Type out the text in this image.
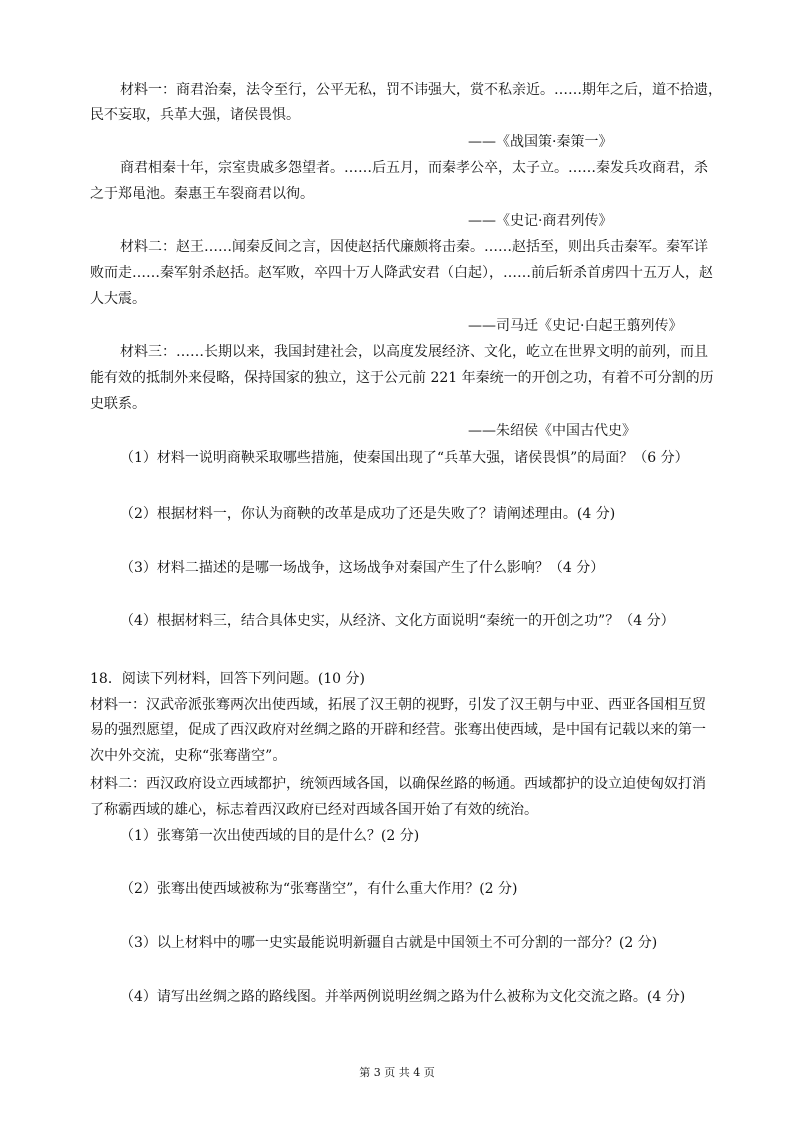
材料一：商君治秦，法令至行，公平无私，罚不讳强大，赏不私亲近。……期年之后，道不拾遗，
民不妄取，兵革大强，诸侯畏惧。
——《战国策·秦策一》
商君相秦十年，宗室贵戚多怨望者。……后五月，而秦孝公卒，太子立。……秦发兵攻商君，杀
之于郑黾池。秦惠王车裂商君以徇。
——《史记·商君列传》
材料二：赵王……闻秦反间之言，因使赵括代廉颇将击秦。……赵括至，则出兵击秦军。秦军详
败而走……秦军射杀赵括。赵军败，卒四十万人降武安君（白起），……前后斩杀首虏四十五万人，赵
人大震。
——司马迁《史记·白起王翦列传》
材料三：……长期以来，我国封建社会，以高度发展经济、文化，屹立在世界文明的前列，而且
能有效的抵制外来侵略，保持国家的独立，这于公元前 221 年秦统一的开创之功，有着不可分割的历
史联系。
——朱绍侯《中国古代史》
（1）材料一说明商鞅采取哪些措施，使秦国出现了“兵革大强，诸侯畏惧”的局面？（6 分）
（2）根据材料一，你认为商鞅的改革是成功了还是失败了？请阐述理由。(4 分)
（3）材料二描述的是哪一场战争，这场战争对秦国产生了什么影响？（4 分）
（4）根据材料三，结合具体史实，从经济、文化方面说明“秦统一的开创之功”？（4 分）
18．阅读下列材料，回答下列问题。(10 分)
材料一：汉武帝派张骞两次出使西域，拓展了汉王朝的视野，引发了汉王朝与中亚、西亚各国相互贸
易的强烈愿望，促成了西汉政府对丝绸之路的开辟和经营。张骞出使西域，是中国有记载以来的第一
次中外交流，史称“张骞凿空”。
材料二：西汉政府设立西域都护，统领西域各国，以确保丝路的畅通。西域都护的设立迫使匈奴打消
了称霸西域的雄心，标志着西汉政府已经对西域各国开始了有效的统治。
（1）张骞第一次出使西域的目的是什么？(2 分)
（2）张骞出使西域被称为“张骞凿空”，有什么重大作用？(2 分)
（3）以上材料中的哪一史实最能说明新疆自古就是中国领土不可分割的一部分？(2 分)
（4）请写出丝绸之路的路线图。并举两例说明丝绸之路为什么被称为文化交流之路。(4 分)
第 3 页 共 4 页
